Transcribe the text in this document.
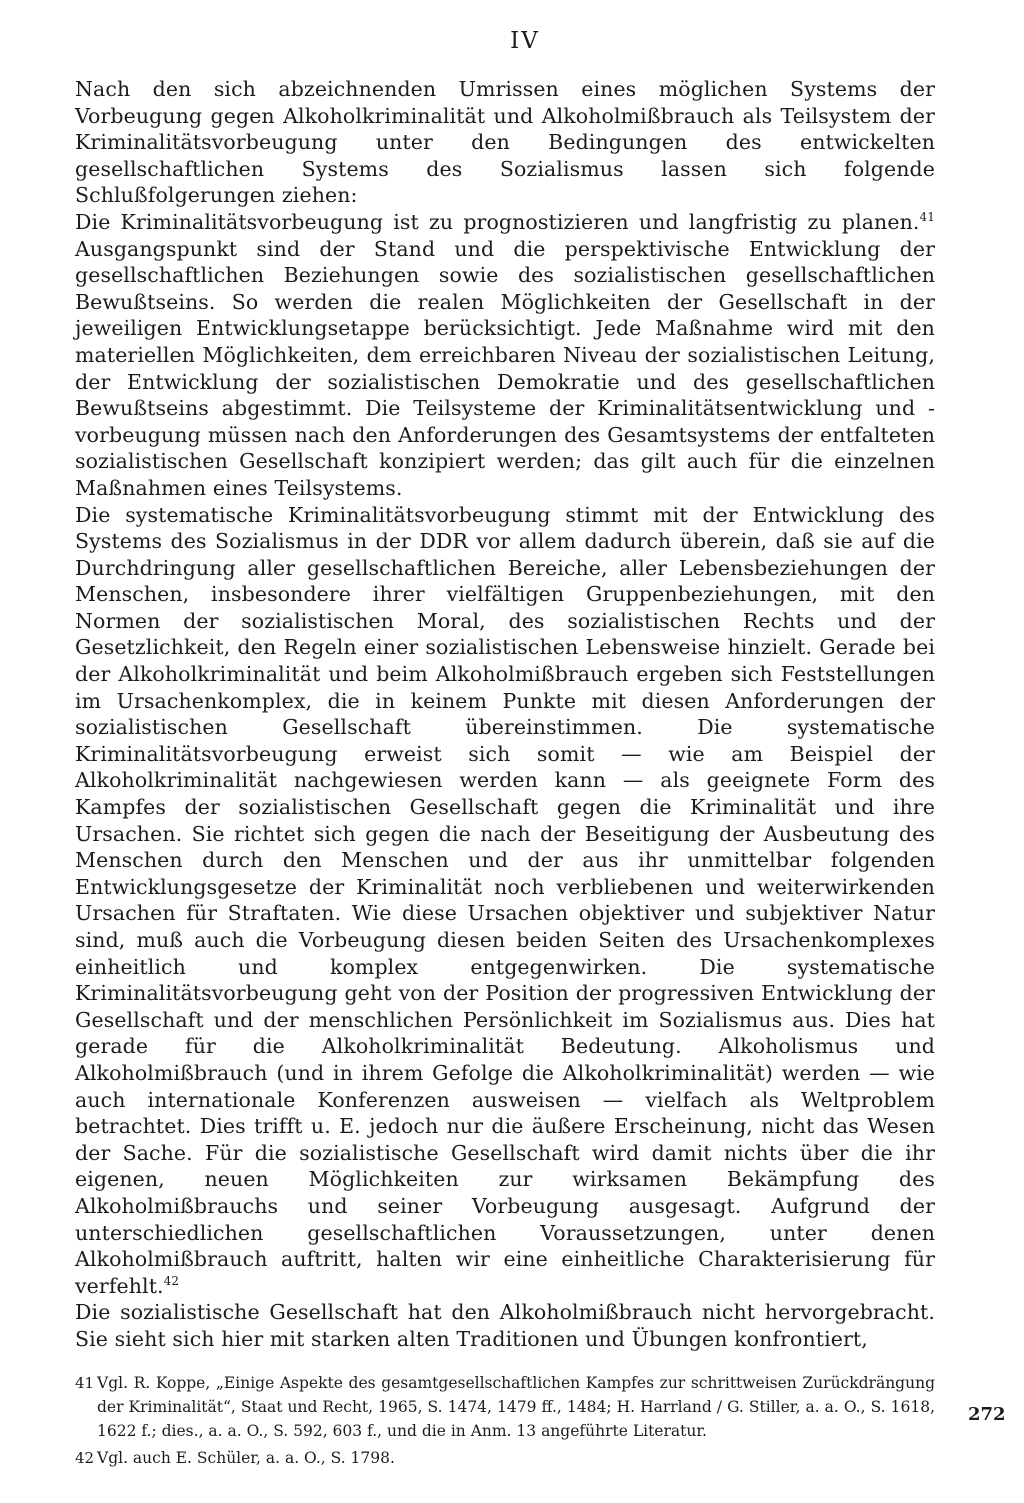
IV

Nach den sich abzeichnenden Umrissen eines möglichen Systems der Vorbeugung gegen Alkoholkriminalität und Alkoholmißbrauch als Teilsystem der Kriminalitätsvorbeugung unter den Bedingungen des entwickelten gesellschaftlichen Systems des Sozialismus lassen sich folgende Schlußfolgerungen ziehen:

Die Kriminalitätsvorbeugung ist zu prognostizieren und langfristig zu planen.$^{41}$ Ausgangspunkt sind der Stand und die perspektivische Entwicklung der gesellschaftlichen Beziehungen sowie des sozialistischen gesellschaftlichen Bewußtseins. So werden die realen Möglichkeiten der Gesellschaft in der jeweiligen Entwicklungsetappe berücksichtigt. Jede Maßnahme wird mit den materiellen Möglichkeiten, dem erreichbaren Niveau der sozialistischen Leitung, der Entwicklung der sozialistischen Demokratie und des gesellschaftlichen Bewußtseins abgestimmt. Die Teilsysteme der Kriminalitätsentwicklung und -vorbeugung müssen nach den Anforderungen des Gesamtsystems der entfalteten sozialistischen Gesellschaft konzipiert werden; das gilt auch für die einzelnen Maßnahmen eines Teilsystems.

Die systematische Kriminalitätsvorbeugung stimmt mit der Entwicklung des Systems des Sozialismus in der DDR vor allem dadurch überein, daß sie auf die Durchdringung aller gesellschaftlichen Bereiche, aller Lebensbeziehungen der Menschen, insbesondere ihrer vielfältigen Gruppenbeziehungen, mit den Normen der sozialistischen Moral, des sozialistischen Rechts und der Gesetzlichkeit, den Regeln einer sozialistischen Lebensweise hinzielt. Gerade bei der Alkoholkriminalität und beim Alkoholmißbrauch ergeben sich Feststellungen im Ursachenkomplex, die in keinem Punkte mit diesen Anforderungen der sozialistischen Gesellschaft übereinstimmen. Die systematische Kriminalitätsvorbeugung erweist sich somit — wie am Beispiel der Alkoholkriminalität nachgewiesen werden kann — als geeignete Form des Kampfes der sozialistischen Gesellschaft gegen die Kriminalität und ihre Ursachen. Sie richtet sich gegen die nach der Beseitigung der Ausbeutung des Menschen durch den Menschen und der aus ihr unmittelbar folgenden Entwicklungsgesetze der Kriminalität noch verbliebenen und weiterwirkenden Ursachen für Straftaten. Wie diese Ursachen objektiver und subjektiver Natur sind, muß auch die Vorbeugung diesen beiden Seiten des Ursachenkomplexes einheitlich und komplex entgegenwirken. Die systematische Kriminalitätsvorbeugung geht von der Position der progressiven Entwicklung der Gesellschaft und der menschlichen Persönlichkeit im Sozialismus aus. Dies hat gerade für die Alkoholkriminalität Bedeutung. Alkoholismus und Alkoholmißbrauch (und in ihrem Gefolge die Alkoholkriminalität) werden — wie auch internationale Konferenzen ausweisen — vielfach als Weltproblem betrachtet. Dies trifft u. E. jedoch nur die äußere Erscheinung, nicht das Wesen der Sache. Für die sozialistische Gesellschaft wird damit nichts über die ihr eigenen, neuen Möglichkeiten zur wirksamen Bekämpfung des Alkoholmißbrauchs und seiner Vorbeugung ausgesagt. Aufgrund der unterschiedlichen gesellschaftlichen Voraussetzungen, unter denen Alkoholmißbrauch auftritt, halten wir eine einheitliche Charakterisierung für verfehlt.$^{42}$

Die sozialistische Gesellschaft hat den Alkoholmißbrauch nicht hervorgebracht. Sie sieht sich hier mit starken alten Traditionen und Übungen konfrontiert,

41 Vgl. R. Koppe, „Einige Aspekte des gesamtgesellschaftlichen Kampfes zur schrittweisen Zurückdrängung der Kriminalität“, Staat und Recht, 1965, S. 1474, 1479 ff., 1484; H. Harrland / G. Stiller, a. a. O., S. 1618, 1622 f.; dies., a. a. O., S. 592, 603 f., und die in Anm. 13 angeführte Literatur.
42 Vgl. auch E. Schüler, a. a. O., S. 1798.
272
